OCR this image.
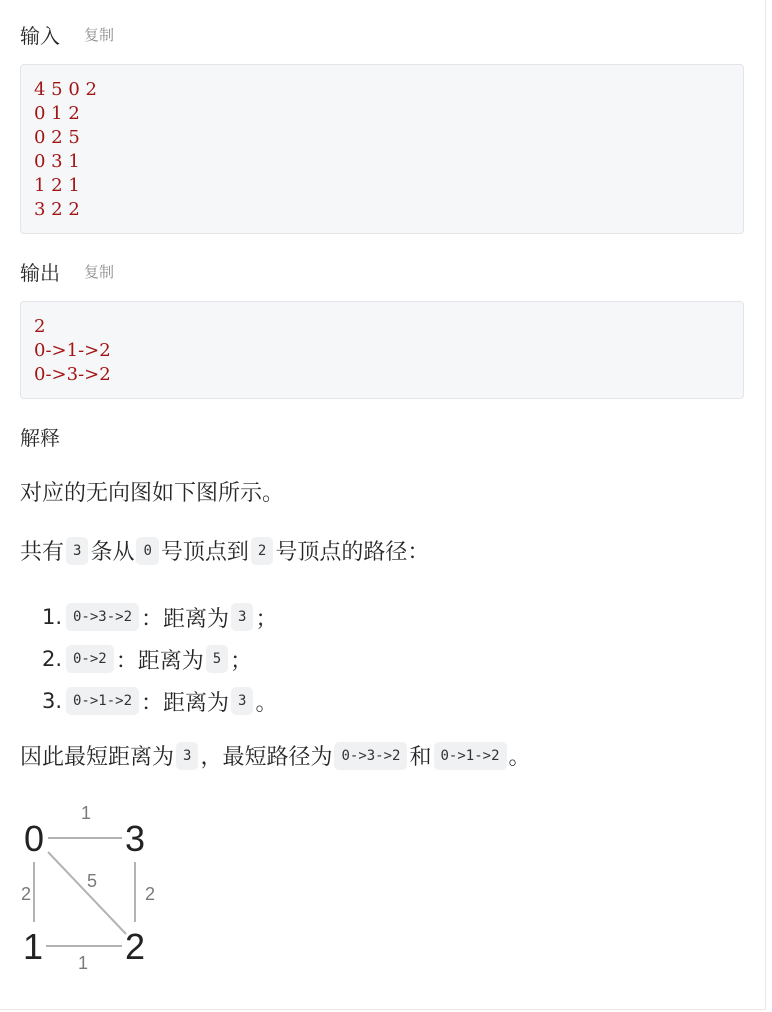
输入 复制
4 5 0 2
0 1 2
0 2 5
0 3 1
1 2 1
3 2 2
输出 复制
2
0->1->2
0->3->2
解释
对应的无向图如下图所示。
共有 3 条从 0 号顶点到 2 号顶点的路径：
1. 0->3->2 ：距离为 3 ；
2. 0->2 ：距离为 5 ；
3. 0->1->2 ：距离为 3 。
因此最短距离为 3 ，最短路径为 0->3->2 和 0->1->2 。
1
2
5
2
1
0 3
1 2
